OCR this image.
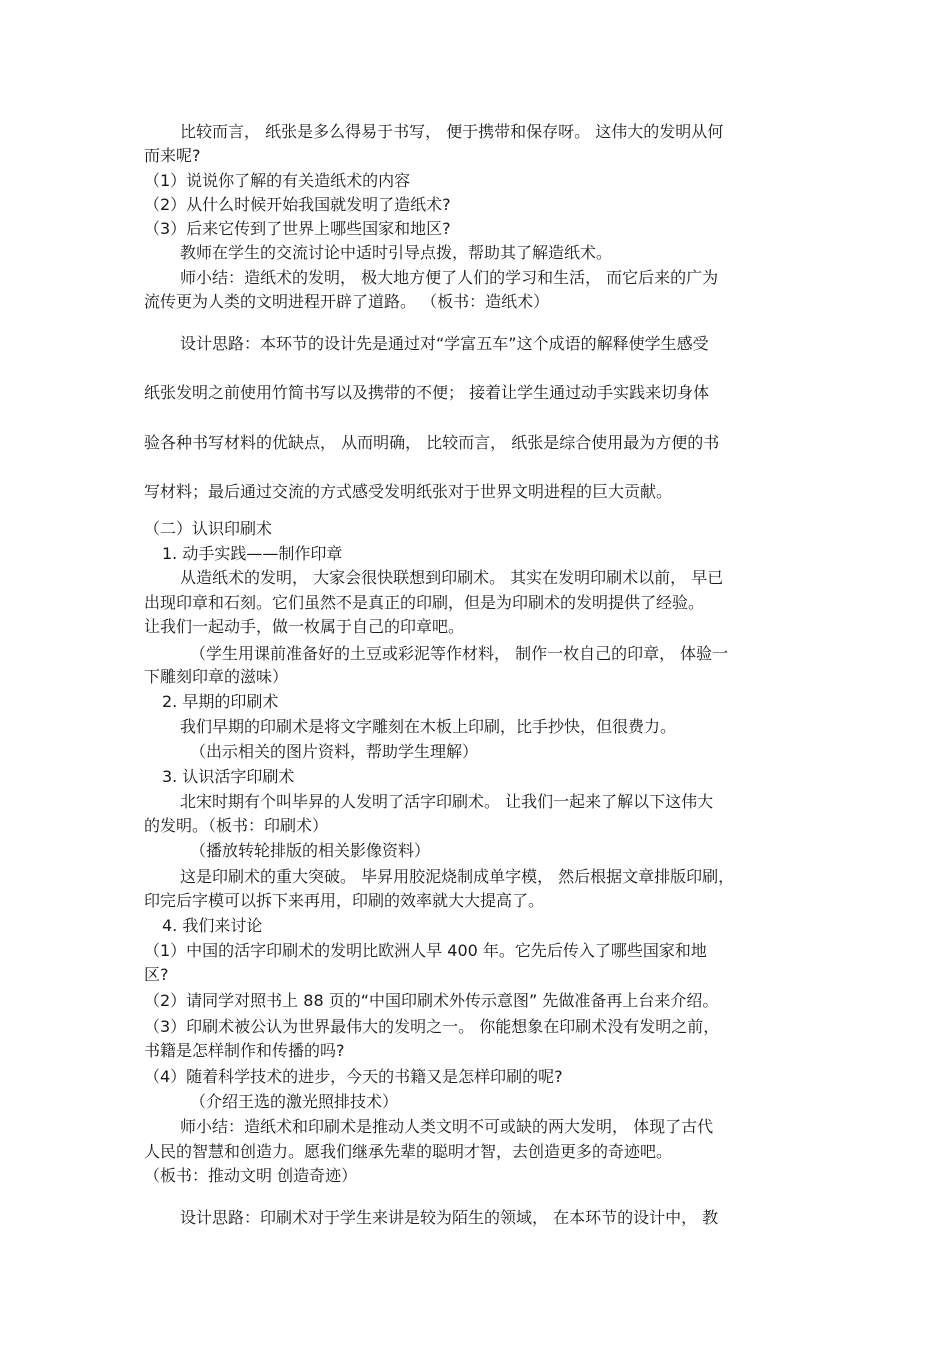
比较而言， 纸张是多么得易于书写， 便于携带和保存呀。 这伟大的发明从何
而来呢?
（1）说说你了解的有关造纸术的内容
（2）从什么时候开始我国就发明了造纸术?
（3）后来它传到了世界上哪些国家和地区?
教师在学生的交流讨论中适时引导点拨，帮助其了解造纸术。
师小结：造纸术的发明， 极大地方便了人们的学习和生活， 而它后来的广为
流传更为人类的文明进程开辟了道路。 （板书：造纸术）
设计思路：本环节的设计先是通过对“学富五车”这个成语的解释使学生感受
纸张发明之前使用竹简书写以及携带的不便； 接着让学生通过动手实践来切身体
验各种书写材料的优缺点， 从而明确， 比较而言， 纸张是综合使用最为方便的书
写材料；最后通过交流的方式感受发明纸张对于世界文明进程的巨大贡献。
（二）认识印刷术
1. 动手实践——制作印章
从造纸术的发明， 大家会很快联想到印刷术。 其实在发明印刷术以前， 早已
出现印章和石刻。它们虽然不是真正的印刷，但是为印刷术的发明提供了经验。
让我们一起动手，做一枚属于自己的印章吧。
（学生用课前准备好的土豆或彩泥等作材料， 制作一枚自己的印章， 体验一
下雕刻印章的滋味）
2. 早期的印刷术
我们早期的印刷术是将文字雕刻在木板上印刷，比手抄快，但很费力。
（出示相关的图片资料，帮助学生理解）
3. 认识活字印刷术
北宋时期有个叫毕昇的人发明了活字印刷术。 让我们一起来了解以下这伟大
的发明。（板书：印刷术）
（播放转轮排版的相关影像资料）
这是印刷术的重大突破。 毕昇用胶泥烧制成单字模， 然后根据文章排版印刷，
印完后字模可以拆下来再用，印刷的效率就大大提高了。
4. 我们来讨论
（1）中国的活字印刷术的发明比欧洲人早 400 年。它先后传入了哪些国家和地
区?
（2）请同学对照书上 88 页的“中国印刷术外传示意图” 先做准备再上台来介绍。
（3）印刷术被公认为世界最伟大的发明之一。 你能想象在印刷术没有发明之前，
书籍是怎样制作和传播的吗?
（4）随着科学技术的进步，今天的书籍又是怎样印刷的呢?
（介绍王选的激光照排技术）
师小结：造纸术和印刷术是推动人类文明不可或缺的两大发明， 体现了古代
人民的智慧和创造力。愿我们继承先辈的聪明才智，去创造更多的奇迹吧。
（板书：推动文明 创造奇迹）
设计思路：印刷术对于学生来讲是较为陌生的领域， 在本环节的设计中， 教
